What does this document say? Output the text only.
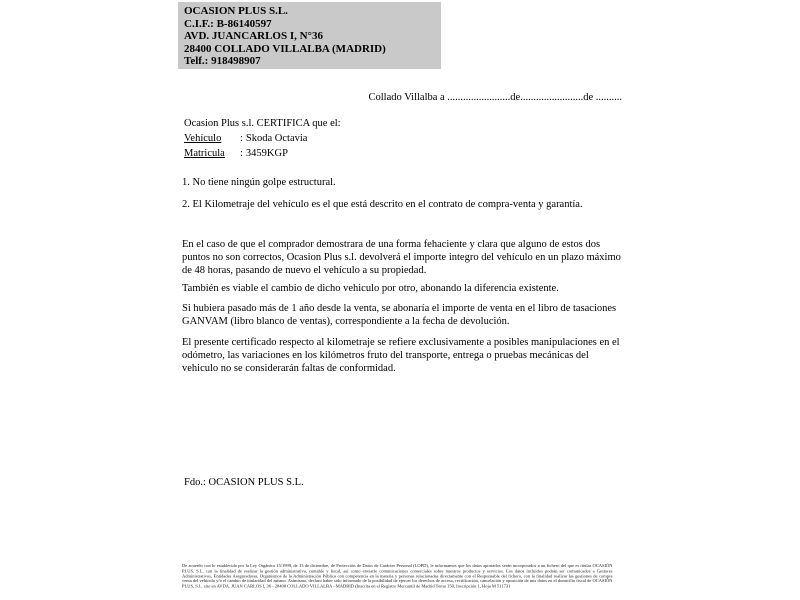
OCASION PLUS S.L.
C.I.F.: B-86140597
AVD. JUANCARLOS I, N°36
28400 COLLADO VILLALBA (MADRID)
Telf.: 918498907
Collado Villalba a ........................de........................de ..........
Ocasion Plus s.l. CERTIFICA que el:
Vehículo : Skoda Octavia
Matricula : 3459KGP
1. No tiene ningún golpe estructural.
2. El Kilometraje del vehículo es el que está descrito en el contrato de compra-venta y garantía.
En el caso de que el comprador demostrara de una forma fehaciente y clara que alguno de estos dos puntos no son correctos, Ocasion Plus s.l. devolverá el importe integro del vehículo en un plazo máximo de 48 horas, pasando de nuevo el vehículo a su propiedad.
También es viable el cambio de dicho vehiculo por otro, abonando la diferencia existente.
Si hubiera pasado más de 1 año desde la venta, se abonaría el importe de venta en el libro de tasaciones GANVAM (libro blanco de ventas), correspondiente a la fecha de devolución.
El presente certificado respecto al kilometraje se refiere exclusivamente a posibles manipulaciones en el odómetro, las variaciones en los kilómetros fruto del transporte, entrega o pruebas mecánicas del vehiculo no se considerarán faltas de conformidad.
Fdo.: OCASION PLUS S.L.
De acuerdo con lo establecido por la Ley Orgánica 15/1999, de 13 de diciembre, de Protección de Datos de Carácter Personal (LOPD), le informamos que los datos aportados serán incorporados a un fichero del que es titular OCASIÓN PLUS, S.L. con la finalidad de realizar la gestión administrativa, contable y fiscal, así como enviarle comunicaciones comerciales sobre nuestros productos y servicios. Los datos incluidos podrán ser comunicados a Gestores Administrativos, Entidades Aseguradoras, Organismos de la Administración Pública con competencia en la materia y personas relacionadas directamente con el Responsable del fichero, con la finalidad realizar las gestiones de compra venta del vehículo y/o el cambio de titularidad del mismo. Asimismo, declaro haber sido informado de la posibilidad de ejercer los derechos de acceso, rectificación, cancelación y oposición de mis datos en el domicilio fiscal de OCASIÓN PLUS, S.L. sito en AVDA. JUAN CARLOS I, 36 - 28400 COLLADO VILLALBA - MADRID (Inscrita en el Registro Mercantil de Madrid Tomo 150, Inscripción 1, Hoja M 511731
